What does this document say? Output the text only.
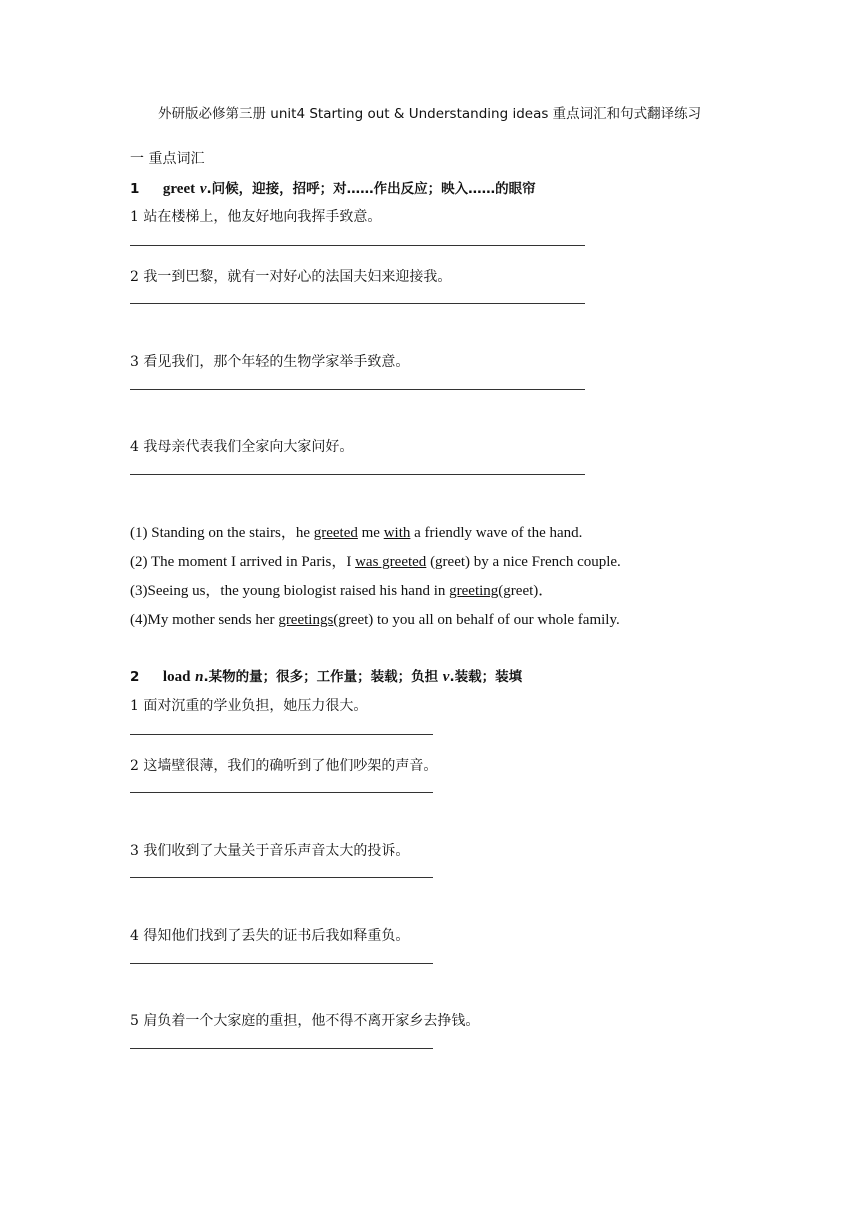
外研版必修第三册 unit4 Starting out & Understanding ideas 重点词汇和句式翻译练习
一 重点词汇
1 greet v.问候，迎接，招呼；对……作出反应；映入……的眼帘
1 站在楼梯上，他友好地向我挥手致意。
2 我一到巴黎，就有一对好心的法国夫妇来迎接我。
3 看见我们，那个年轻的生物学家举手致意。
4 我母亲代表我们全家向大家问好。
(1) Standing on the stairs，he greeted me with a friendly wave of the hand.
(2) The moment I arrived in Paris，I was greeted (greet) by a nice French couple.
(3)Seeing us，the young biologist raised his hand in greeting(greet)．
(4)My mother sends her greetings(greet) to you all on behalf of our whole family.
2 load n.某物的量；很多；工作量；装载；负担 v.装载；装填
1 面对沉重的学业负担，她压力很大。
2 这墙壁很薄，我们的确听到了他们吵架的声音。
3 我们收到了大量关于音乐声音太大的投诉。
4 得知他们找到了丢失的证书后我如释重负。
5 肩负着一个大家庭的重担，他不得不离开家乡去挣钱。
